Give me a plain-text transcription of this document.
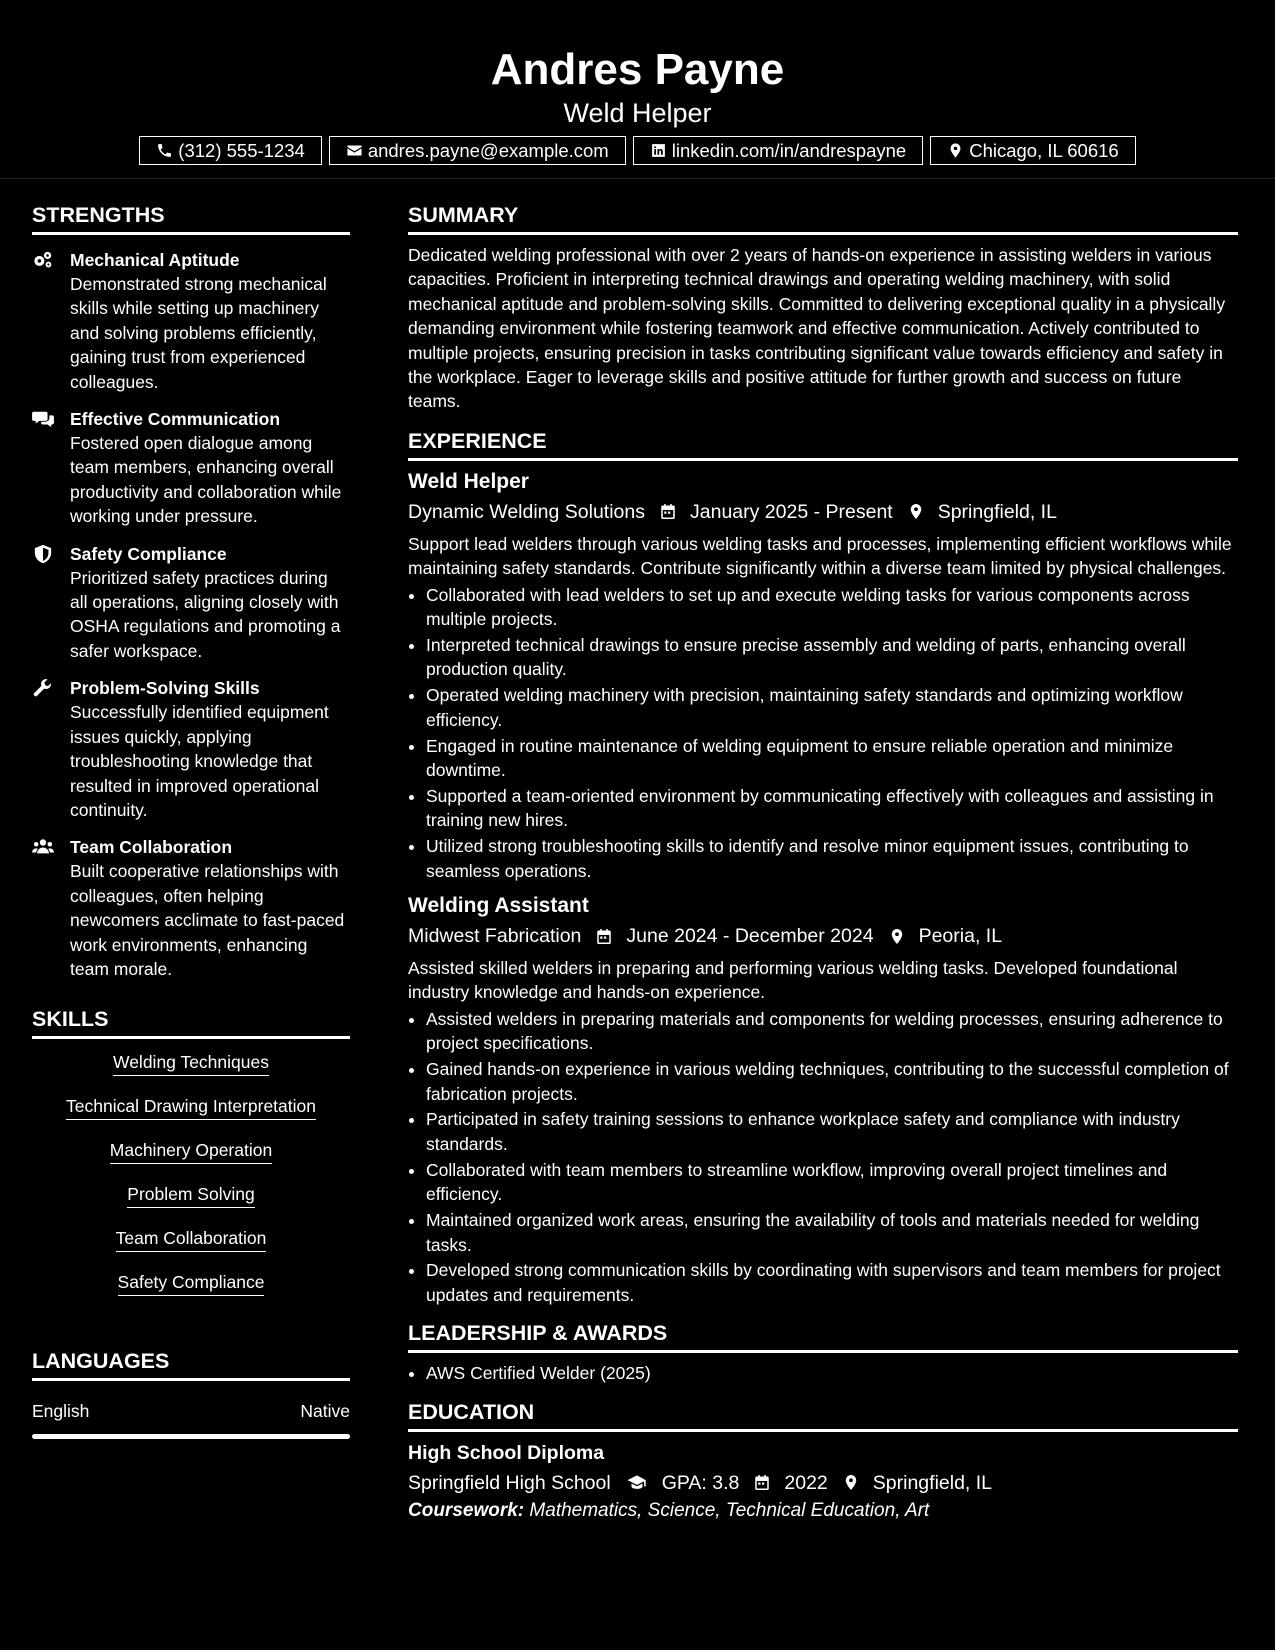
Andres Payne
Weld Helper
(312) 555-1234	andres.payne@example.com	linkedin.com/in/andrespayne	Chicago, IL 60616
STRENGTHS
Mechanical Aptitude
Demonstrated strong mechanical skills while setting up machinery and solving problems efficiently, gaining trust from experienced colleagues.
Effective Communication
Fostered open dialogue among team members, enhancing overall productivity and collaboration while working under pressure.
Safety Compliance
Prioritized safety practices during all operations, aligning closely with OSHA regulations and promoting a safer workspace.
Problem-Solving Skills
Successfully identified equipment issues quickly, applying troubleshooting knowledge that resulted in improved operational continuity.
Team Collaboration
Built cooperative relationships with colleagues, often helping newcomers acclimate to fast-paced work environments, enhancing team morale.
SKILLS
Welding Techniques
Technical Drawing Interpretation
Machinery Operation
Problem Solving
Team Collaboration
Safety Compliance
LANGUAGES
English	Native
SUMMARY
Dedicated welding professional with over 2 years of hands-on experience in assisting welders in various capacities. Proficient in interpreting technical drawings and operating welding machinery, with solid mechanical aptitude and problem-solving skills. Committed to delivering exceptional quality in a physically demanding environment while fostering teamwork and effective communication. Actively contributed to multiple projects, ensuring precision in tasks contributing significant value towards efficiency and safety in the workplace. Eager to leverage skills and positive attitude for further growth and success on future teams.
EXPERIENCE
Weld Helper
Dynamic Welding Solutions January 2025 - Present Springfield, IL
Support lead welders through various welding tasks and processes, implementing efficient workflows while maintaining safety standards. Contribute significantly within a diverse team limited by physical challenges.
• Collaborated with lead welders to set up and execute welding tasks for various components across multiple projects.
• Interpreted technical drawings to ensure precise assembly and welding of parts, enhancing overall production quality.
• Operated welding machinery with precision, maintaining safety standards and optimizing workflow efficiency.
• Engaged in routine maintenance of welding equipment to ensure reliable operation and minimize downtime.
• Supported a team-oriented environment by communicating effectively with colleagues and assisting in training new hires.
• Utilized strong troubleshooting skills to identify and resolve minor equipment issues, contributing to seamless operations.
Welding Assistant
Midwest Fabrication June 2024 - December 2024 Peoria, IL
Assisted skilled welders in preparing and performing various welding tasks. Developed foundational industry knowledge and hands-on experience.
• Assisted welders in preparing materials and components for welding processes, ensuring adherence to project specifications.
• Gained hands-on experience in various welding techniques, contributing to the successful completion of fabrication projects.
• Participated in safety training sessions to enhance workplace safety and compliance with industry standards.
• Collaborated with team members to streamline workflow, improving overall project timelines and efficiency.
• Maintained organized work areas, ensuring the availability of tools and materials needed for welding tasks.
• Developed strong communication skills by coordinating with supervisors and team members for project updates and requirements.
LEADERSHIP & AWARDS
• AWS Certified Welder (2025)
EDUCATION
High School Diploma
Springfield High School	GPA: 3.8 2022 Springfield, IL
Coursework: Mathematics, Science, Technical Education, Art
